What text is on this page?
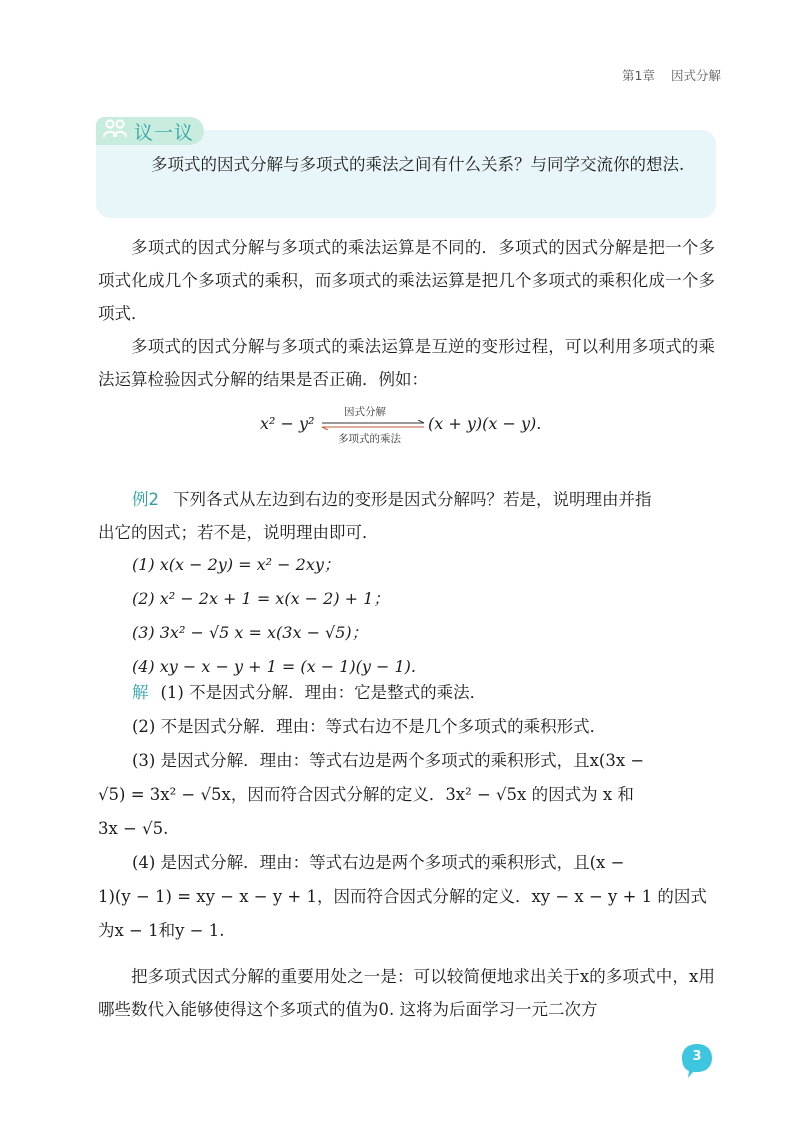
第1章 因式分解
议一议
多项式的因式分解与多项式的乘法之间有什么关系？与同学交流你的想法.
多项式的因式分解与多项式的乘法运算是不同的．多项式的因式分解是把一个多项式化成几个多项式的乘积，而多项式的乘法运算是把几个多项式的乘积化成一个多项式．
多项式的因式分解与多项式的乘法运算是互逆的变形过程，可以利用多项式的乘法运算检验因式分解的结果是否正确．例如：
x² − y²
因式分解
多项式的乘法
(x + y)(x − y).
例2 下列各式从左边到右边的变形是因式分解吗？若是，说明理由并指
出它的因式；若不是，说明理由即可．
(1) x(x − 2y) = x² − 2xy；
(2) x² − 2x + 1 = x(x − 2) + 1；
(3) 3x² − √5 x = x(3x − √5)；
(4) xy − x − y + 1 = (x − 1)(y − 1).
解 (1) 不是因式分解．理由：它是整式的乘法．
(2) 不是因式分解．理由：等式右边不是几个多项式的乘积形式．
(3) 是因式分解．理由：等式右边是两个多项式的乘积形式，且x(3x −
√5) = 3x² − √5x，因而符合因式分解的定义．3x² − √5x 的因式为 x 和
3x − √5.
(4) 是因式分解．理由：等式右边是两个多项式的乘积形式，且(x −
1)(y − 1) = xy − x − y + 1，因而符合因式分解的定义．xy − x − y + 1 的因式
为x − 1和y − 1.
把多项式因式分解的重要用处之一是：可以较简便地求出关于x的多项式中，x用哪些数代入能够使得这个多项式的值为0. 这将为后面学习一元二次方
3
